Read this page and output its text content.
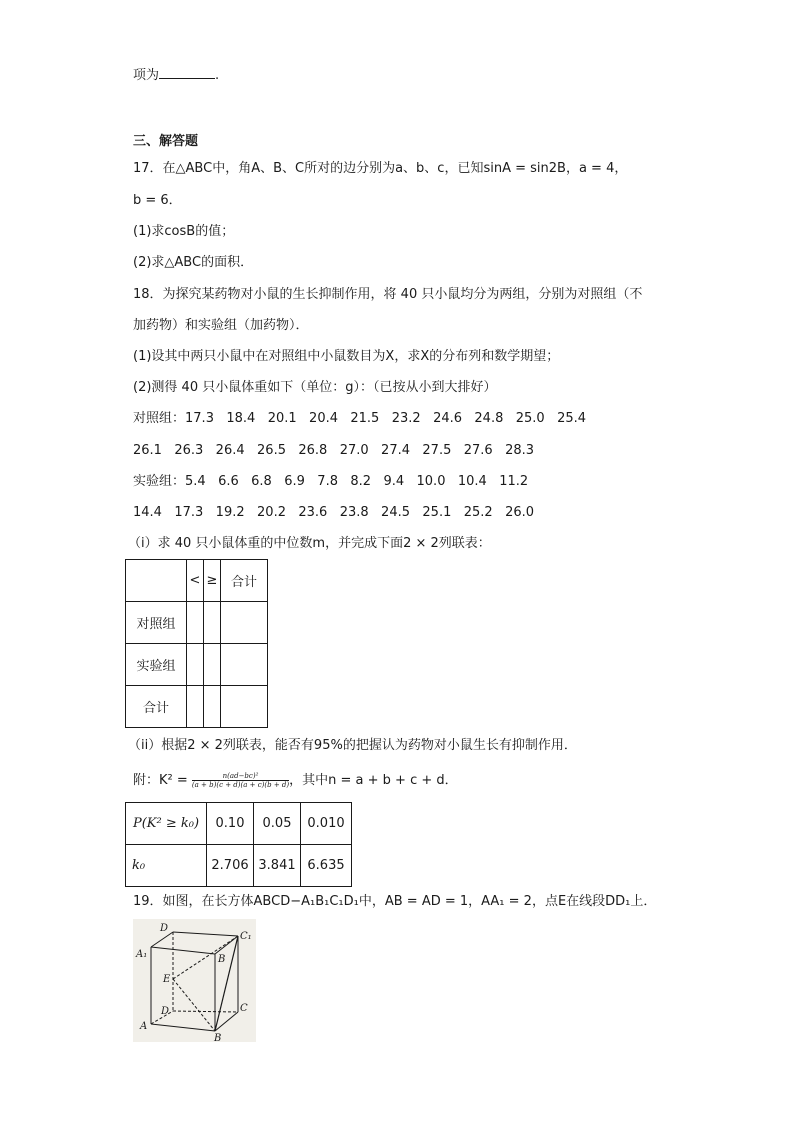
项为	.
三、解答题
17．在△ABC中，角A、B、C所对的边分别为a、b、c，已知sinA = sin2B，a = 4，
b = 6．
(1)求cosB的值；
(2)求△ABC的面积．
18．为探究某药物对小鼠的生长抑制作用，将 40 只小鼠均分为两组，分别为对照组（不
加药物）和实验组（加药物）．
(1)设其中两只小鼠中在对照组中小鼠数目为X，求X的分布列和数学期望；
(2)测得 40 只小鼠体重如下（单位：g）：（已按从小到大排好）
对照组：17.3   18.4   20.1   20.4   21.5   23.2   24.6   24.8   25.0   25.4
26.1   26.3   26.4   26.5   26.8   27.0   27.4   27.5   27.6   28.3
实验组：5.4   6.6   6.8   6.9   7.8   8.2   9.4   10.0   10.4   11.2
14.4   17.3   19.2   20.2   23.6   23.8   24.5   25.1   25.2   26.0
（i）求 40 只小鼠体重的中位数m，并完成下面2 × 2列联表：
	<	≥	合计
对照组			
实验组			
合计			
（ii）根据2 × 2列联表，能否有95%的把握认为药物对小鼠生长有抑制作用．
附：$K^2 = \frac{\text{n(ad−bc)²}}{(a + b)(c + d)(a + c)(b + d)}$ ，其中n = a + b + c + d．
P(K² ≥ k₀)	0.10	0.05	0.010
k₀	2.706	3.841	6.635
19．如图，在长方体ABCD−A₁B₁C₁D₁中，AB = AD = 1，AA₁ = 2，点E在线段DD₁上．
D
A₁
E
D
A
C₁
B
C
B
